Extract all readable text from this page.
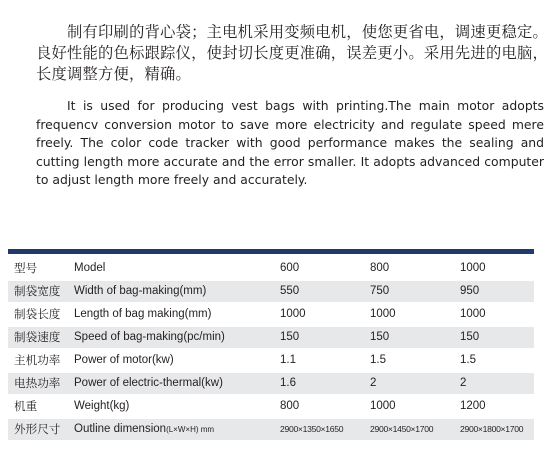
制有印刷的背心袋；主电机采用变频电机，使您更省电，调速更稳定。良好性能的色标跟踪仪，使封切长度更准确，误差更小。采用先进的电脑，长度调整方便，精确。

It is used for producing vest bags with printing.The main motor adopts frequencv conversion motor to save more electricity and regulate speed mere freely. The color code tracker with good performance makes the sealing and cutting length more accurate and the error smaller. It adopts advanced computer to adjust length more freely and accurately.

型号	Model	600	800	1000
制袋宽度 Width of bag-making(mm)	550	750	950
制袋长度 Length of bag making(mm)	1000	1000	1000
制袋速度 Speed of bag-making(pc/min)	150	150	150
主机功率 Power of motor(kw)	1.1	1.5	1.5
电热功率 Power of electric-thermal(kw)	1.6	2	2
机重	Weight(kg)	800	1000	1200
外形尺寸 Outline dimension(L×W×H) mm	2900×1350×1650	2900×1450×1700	2900×1800×1700
